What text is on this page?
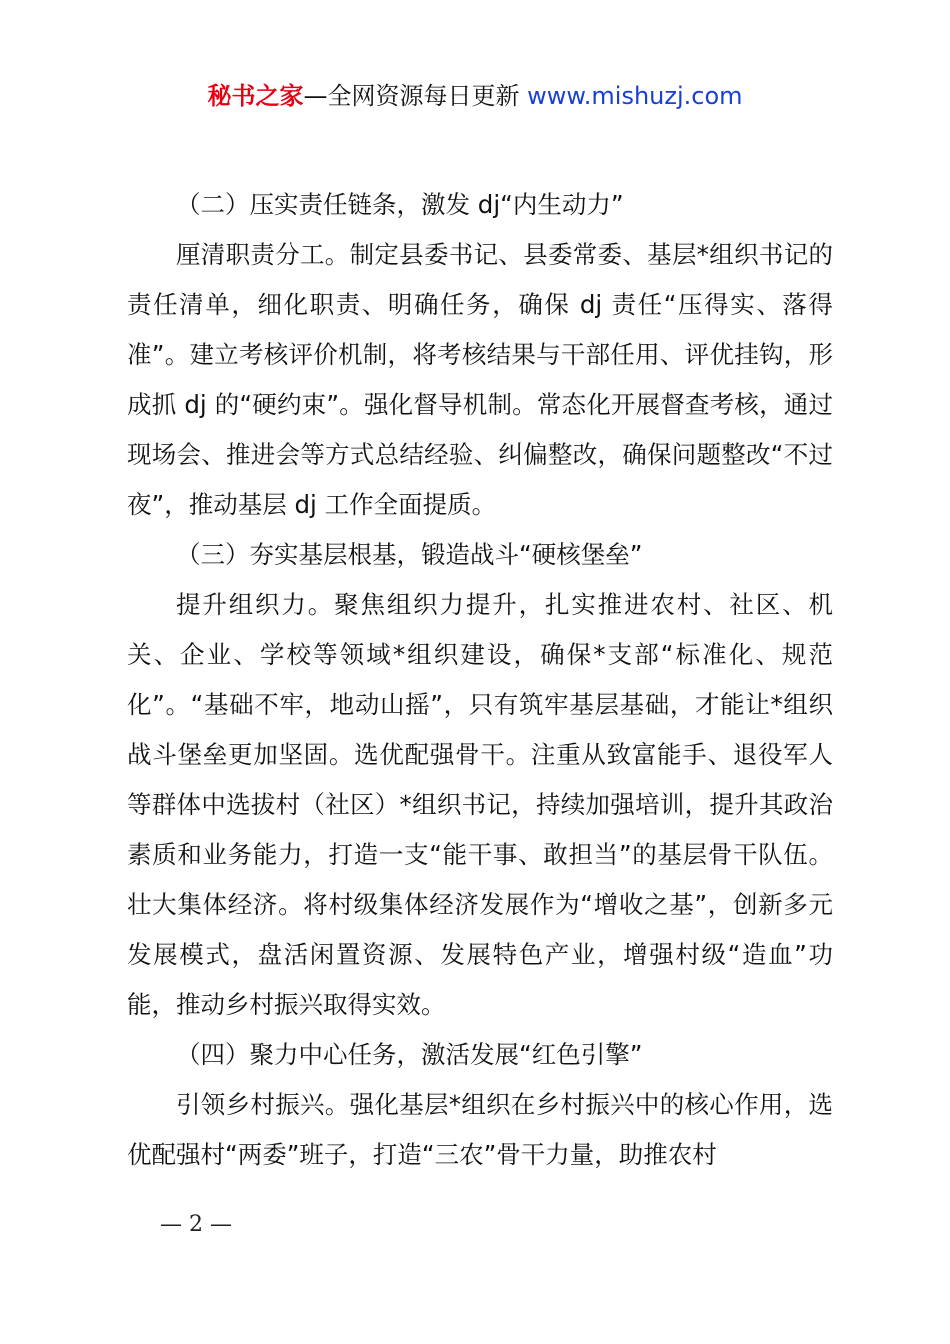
秘书之家—全网资源每日更新 www.mishuzj.com

（二）压实责任链条，激发 dj“内生动力”

厘清职责分工。制定县委书记、县委常委、基层*组织书记的责任清单，细化职责、明确任务，确保 dj 责任“压得实、落得准”。建立考核评价机制，将考核结果与干部任用、评优挂钩，形成抓 dj 的“硬约束”。强化督导机制。常态化开展督查考核，通过现场会、推进会等方式总结经验、纠偏整改，确保问题整改“不过夜”，推动基层 dj 工作全面提质。

（三）夯实基层根基，锻造战斗“硬核堡垒”

提升组织力。聚焦组织力提升，扎实推进农村、社区、机关、企业、学校等领域*组织建设，确保*支部“标准化、规范化”。“基础不牢，地动山摇”，只有筑牢基层基础，才能让*组织战斗堡垒更加坚固。选优配强骨干。注重从致富能手、退役军人等群体中选拔村（社区）*组织书记，持续加强培训，提升其政治素质和业务能力，打造一支“能干事、敢担当”的基层骨干队伍。壮大集体经济。将村级集体经济发展作为“增收之基”，创新多元发展模式，盘活闲置资源、发展特色产业，增强村级“造血”功能，推动乡村振兴取得实效。

（四）聚力中心任务，激活发展“红色引擎”

引领乡村振兴。强化基层*组织在乡村振兴中的核心作用，选优配强村“两委”班子，打造“三农”骨干力量，助推农村

— 2 —
